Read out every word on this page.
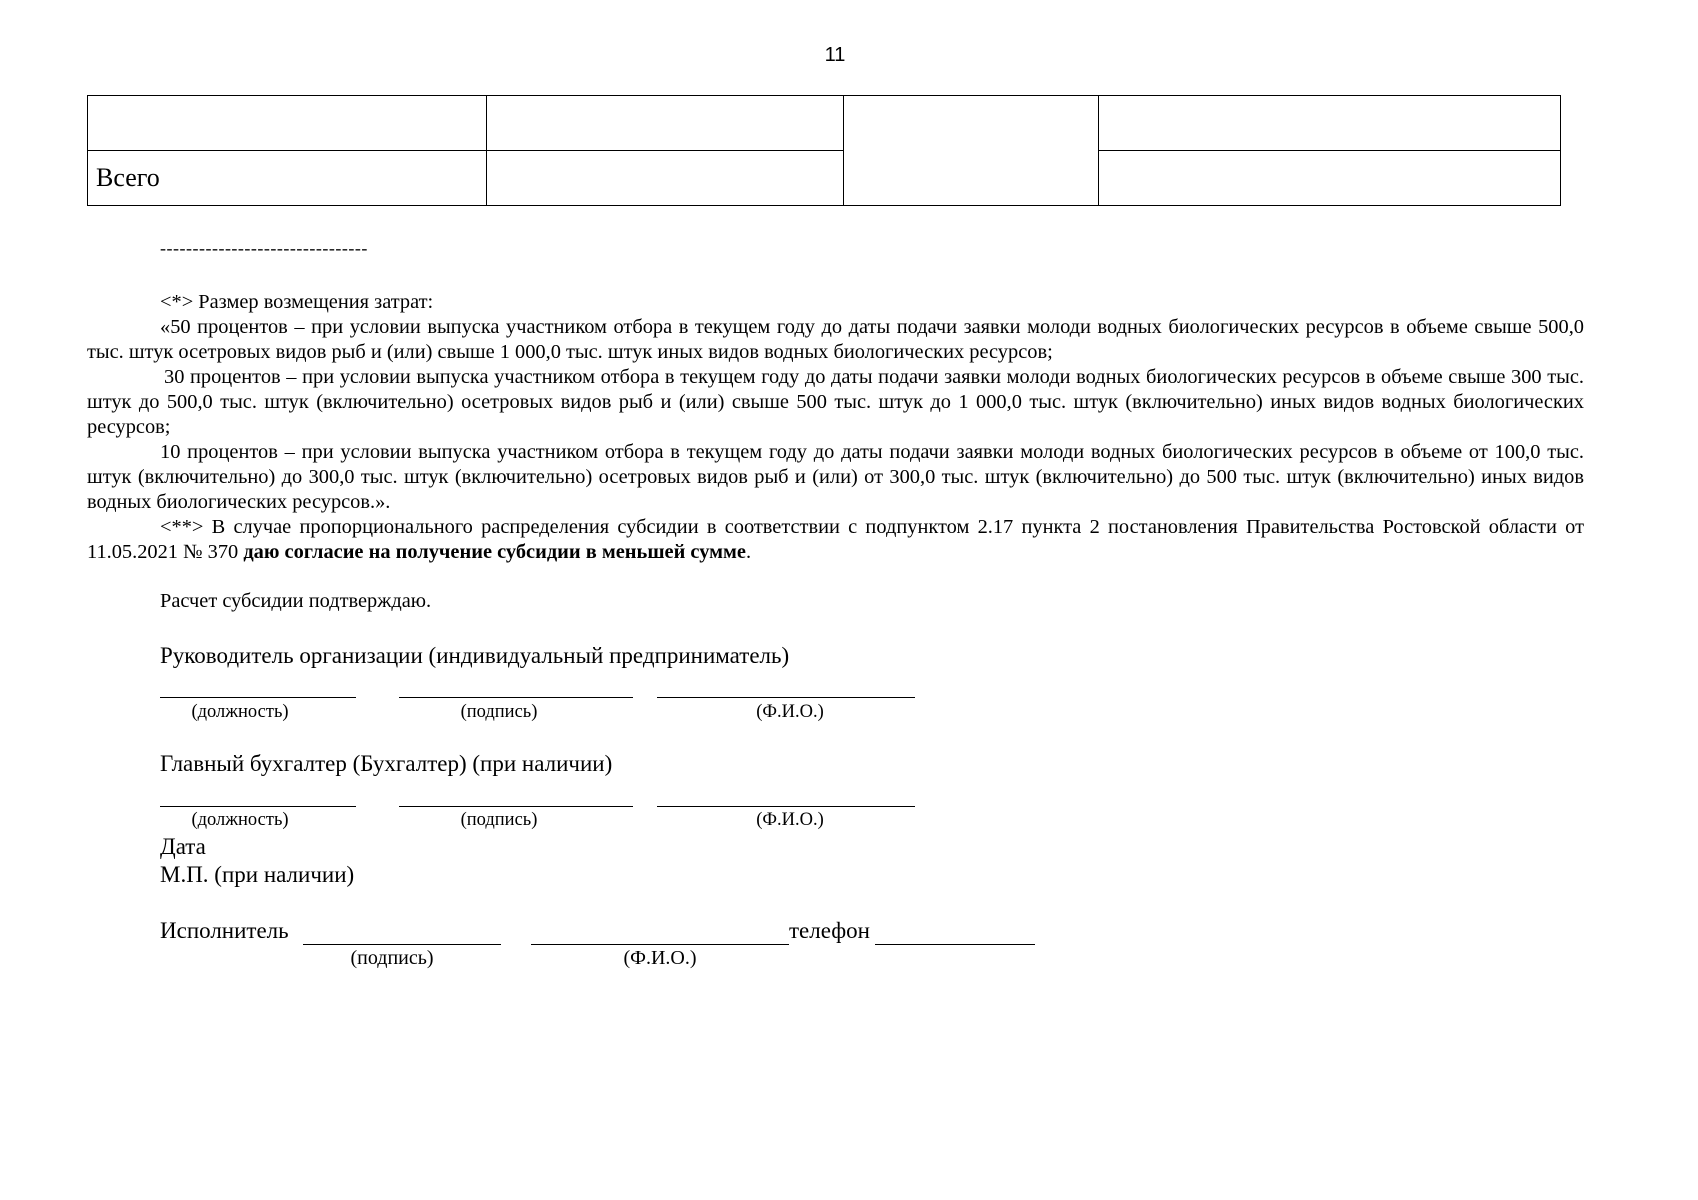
11

Всего			
--------------------------------

<*> Размер возмещения затрат:

«50 процентов – при условии выпуска участником отбора в текущем году до даты подачи заявки молоди водных биологических ресурсов в объеме свыше 500,0 тыс. штук осетровых видов рыб и (или) свыше 1 000,0 тыс. штук иных видов водных биологических ресурсов;

30 процентов – при условии выпуска участником отбора в текущем году до даты подачи заявки молоди водных биологических ресурсов в объеме свыше 300 тыс. штук до 500,0 тыс. штук (включительно) осетровых видов рыб и (или) свыше 500 тыс. штук до 1 000,0 тыс. штук (включительно) иных видов водных биологических ресурсов;

10 процентов – при условии выпуска участником отбора в текущем году до даты подачи заявки молоди водных биологических ресурсов в объеме от 100,0 тыс. штук (включительно) до 300,0 тыс. штук (включительно) осетровых видов рыб и (или) от 300,0 тыс. штук (включительно) до 500 тыс. штук (включительно) иных видов водных биологических ресурсов.».

<**> В случае пропорционального распределения субсидии в соответствии с подпунктом 2.17 пункта 2 постановления Правительства Ростовской области от 11.05.2021 № 370 даю согласие на получение субсидии в меньшей сумме.

Расчет субсидии подтверждаю.
Руководитель организации (индивидуальный предприниматель)
(должность)	(подпись)	(Ф.И.О.)
Главный бухгалтер (Бухгалтер) (при наличии)
(должность)	(подпись)	(Ф.И.О.)
Дата
М.П. (при наличии)
Исполнитель	телефон
(подпись)	(Ф.И.О.)
